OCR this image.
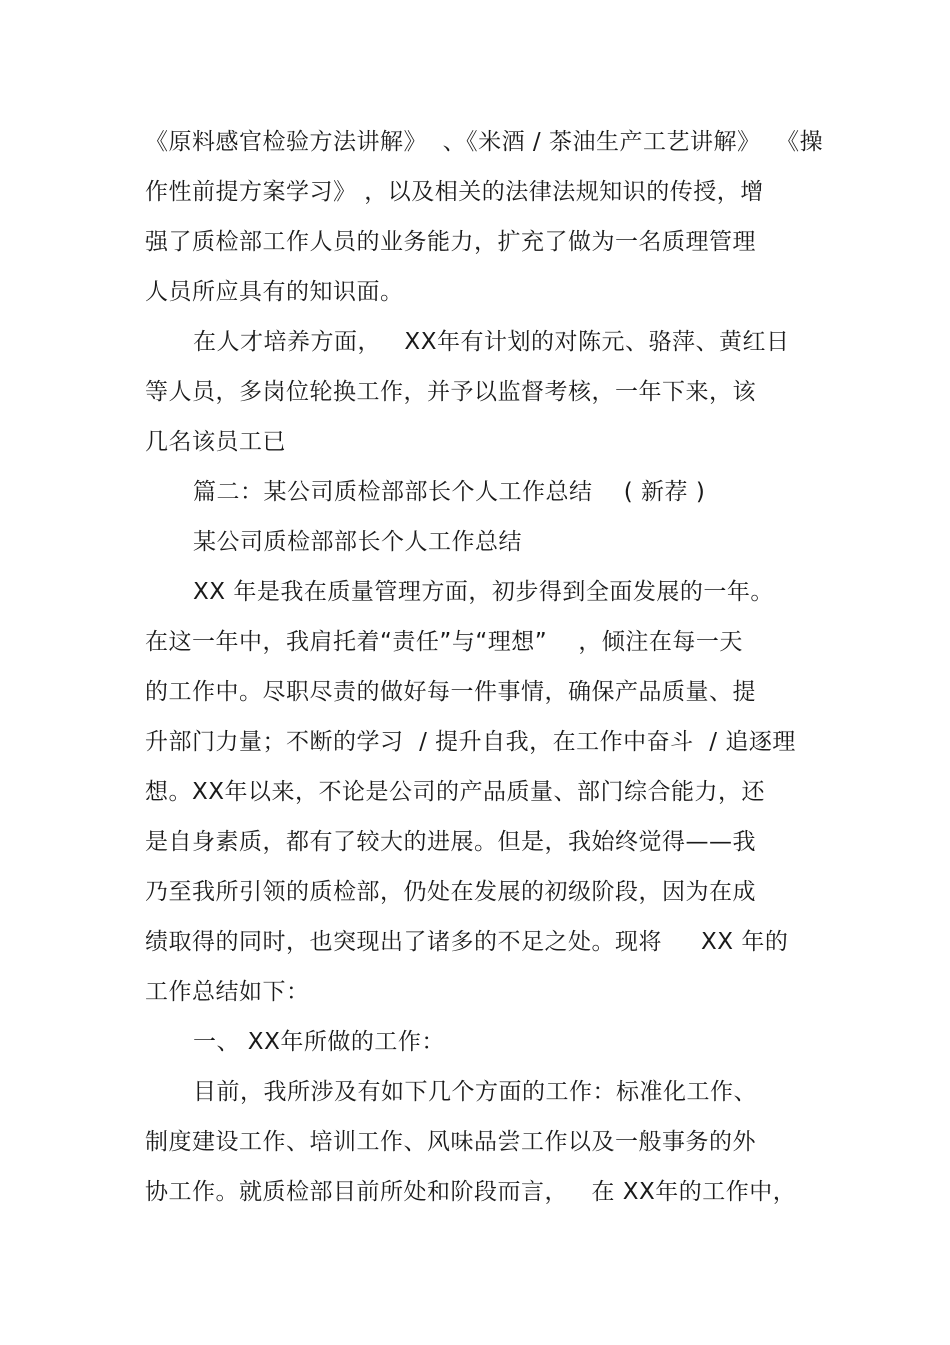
《原料感官检验方法讲解》  、《米酒 / 茶油生产工艺讲解》  《操
作性前提方案学习》 ，以及相关的法律法规知识的传授，增
强了质检部工作人员的业务能力，扩充了做为一名质理管理
人员所应具有的知识面。
在人才培养方面，   XX年有计划的对陈元、骆萍、黄红日
等人员，多岗位轮换工作，并予以监督考核，一年下来，该
几名该员工已
篇二：某公司质检部部长个人工作总结    ( 新荐 )
某公司质检部部长个人工作总结
XX 年是我在质量管理方面，初步得到全面发展的一年。
在这一年中，我肩托着“责任”与“理想”    ，倾注在每一天
的工作中。尽职尽责的做好每一件事情，确保产品质量、提
升部门力量；不断的学习  / 提升自我，在工作中奋斗  / 追逐理
想。XX年以来，不论是公司的产品质量、部门综合能力，还
是自身素质，都有了较大的进展。但是，我始终觉得——我
乃至我所引领的质检部，仍处在发展的初级阶段，因为在成
绩取得的同时，也突现出了诸多的不足之处。现将     XX 年的
工作总结如下：
一、 XX年所做的工作：
目前，我所涉及有如下几个方面的工作：标准化工作、
制度建设工作、培训工作、风味品尝工作以及一般事务的外
协工作。就质检部目前所处和阶段而言，   在 XX年的工作中，
